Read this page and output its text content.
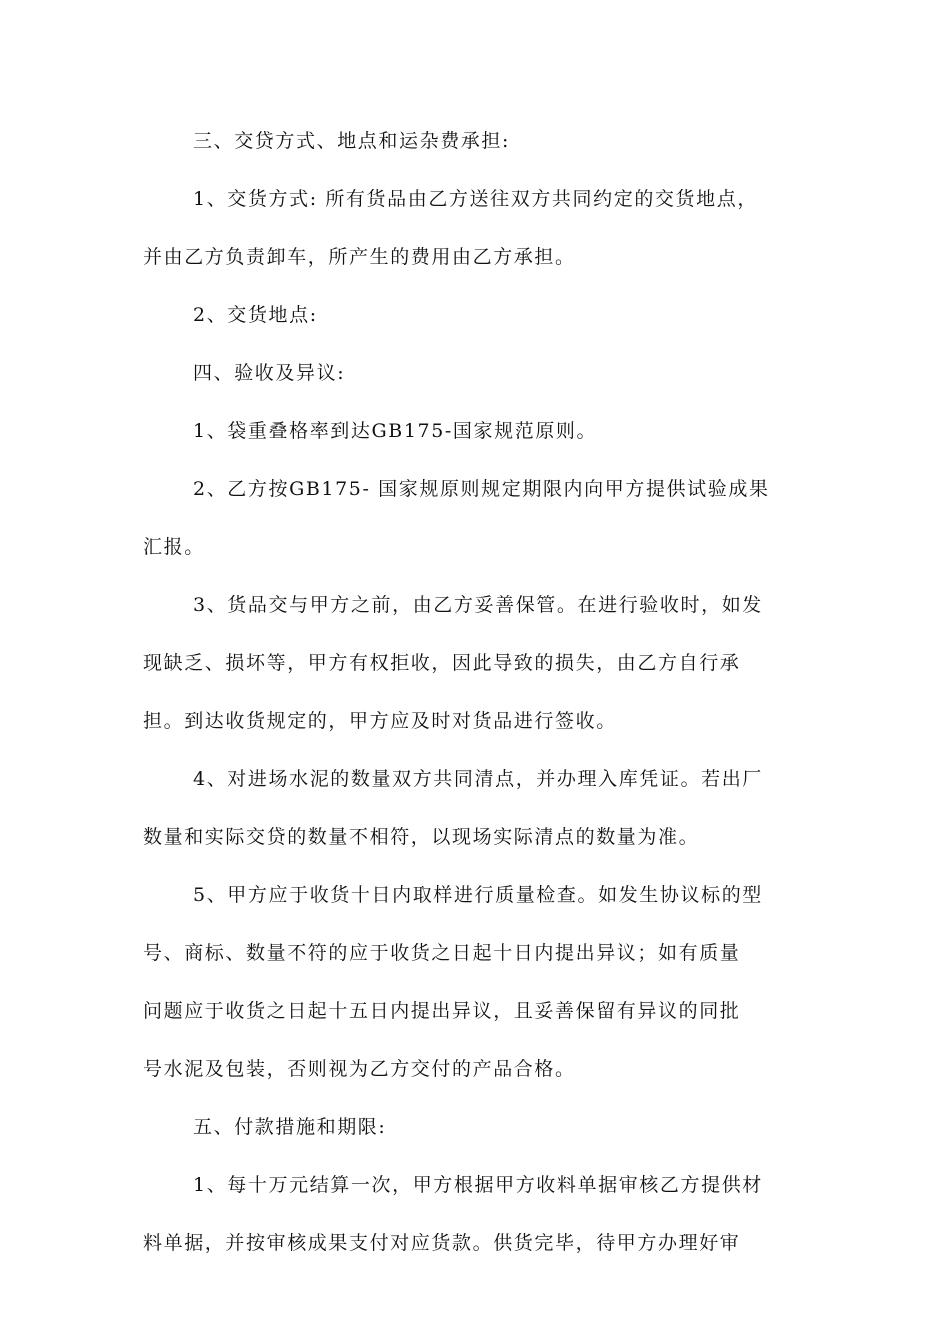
三、交贷方式、地点和运杂费承担:
1、交货方式: 所有货品由乙方送往双方共同约定的交货地点，
并由乙方负责卸车，所产生的费用由乙方承担。
2、交货地点:
四、验收及异议:
1、袋重叠格率到达GB175-国家规范原则。
2、乙方按GB175- 国家规原则规定期限内向甲方提供试验成果
汇报。
3、货品交与甲方之前，由乙方妥善保管。在进行验收时，如发
现缺乏、损坏等，甲方有权拒收，因此导致的损失，由乙方自行承
担。到达收货规定的，甲方应及时对货品进行签收。
4、对进场水泥的数量双方共同清点，并办理入库凭证。若出厂
数量和实际交贷的数量不相符，以现场实际清点的数量为准。
5、甲方应于收货十日内取样进行质量检查。如发生协议标的型
号、商标、数量不符的应于收货之日起十日内提出异议；如有质量
问题应于收货之日起十五日内提出异议，且妥善保留有异议的同批
号水泥及包装，否则视为乙方交付的产品合格。
五、付款措施和期限:
1、每十万元结算一次，甲方根据甲方收料单据审核乙方提供材
料单据，并按审核成果支付对应货款。供货完毕，待甲方办理好审
